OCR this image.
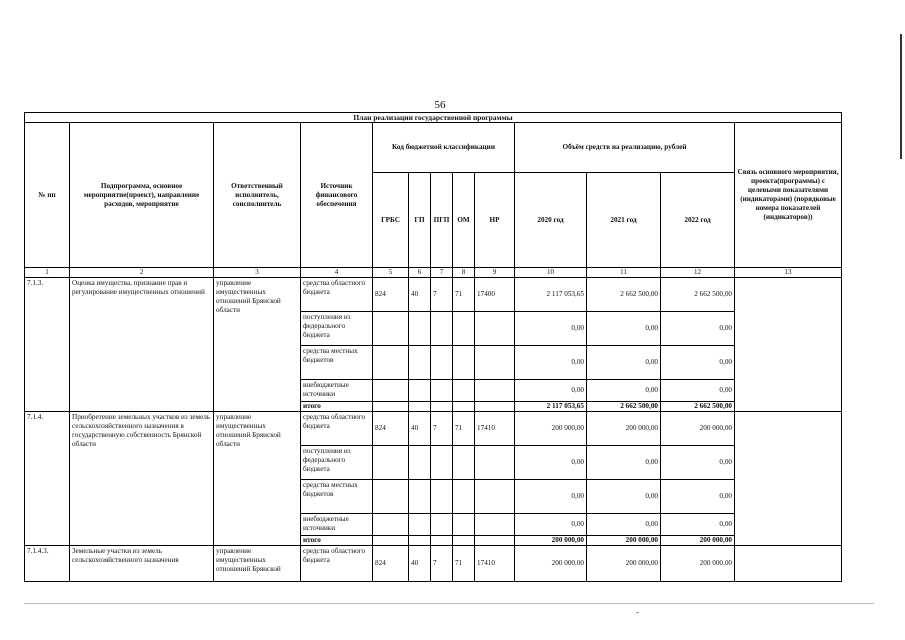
56
План реализации государственной программы												
№ пп	Подпрограмма, основное мероприятие(проект), направление расходов, мероприятие	Ответственный исполнитель, соисполнитель	Источник финансового обеспечения	Код бюджетной классификации					Объём средств на реализацию, рублей			Связь основного мероприятия, проекта(программы) с целевыми показателями (индикаторами) (порядковые номера показателей (индикаторов))
				ГРБС	ГП	ПГП	ОМ	НР	2020 год	2021 год	2022 год	
1	2	3	4	5	6	7	8	9	10	11	12	13
7.1.3.	Оценка имущества, признание прав и регулирование имущественных отношений	управление имущественных отношений Брянской области	средства областного бюджета	824	40	7	71	17400	2 117 053,65	2 662 500,00	2 662 500,00	
			поступления из федерального бюджета						0,00	0,00	0,00	
			средства местных бюджетов						0,00	0,00	0,00	
			внебюджетные источники						0,00	0,00	0,00	
			итого						2 117 053,65	2 662 500,00	2 662 500,00	
7.1.4.	Приобретение земельных участков из земель сельскохозяйственного назначения в государственную собственность Брянской области	управление имущественных отношений Брянской области	средства областного бюджета	824	40	7	71	17410	200 000,00	200 000,00	200 000,00	
			поступления из федерального бюджета						0,00	0,00	0,00	
			средства местных бюджетов						0,00	0,00	0,00	
			внебюджетные источники						0,00	0,00	0,00	
			итого						200 000,00	200 000,00	200 000,00	
7.1.4.3.	Земельные участки из земель сельскохозяйственного назначения	управление имущественных отношений Брянской	средства областного бюджета	824	40	7	71	17410	200 000,00	200 000,00	200 000,00	
